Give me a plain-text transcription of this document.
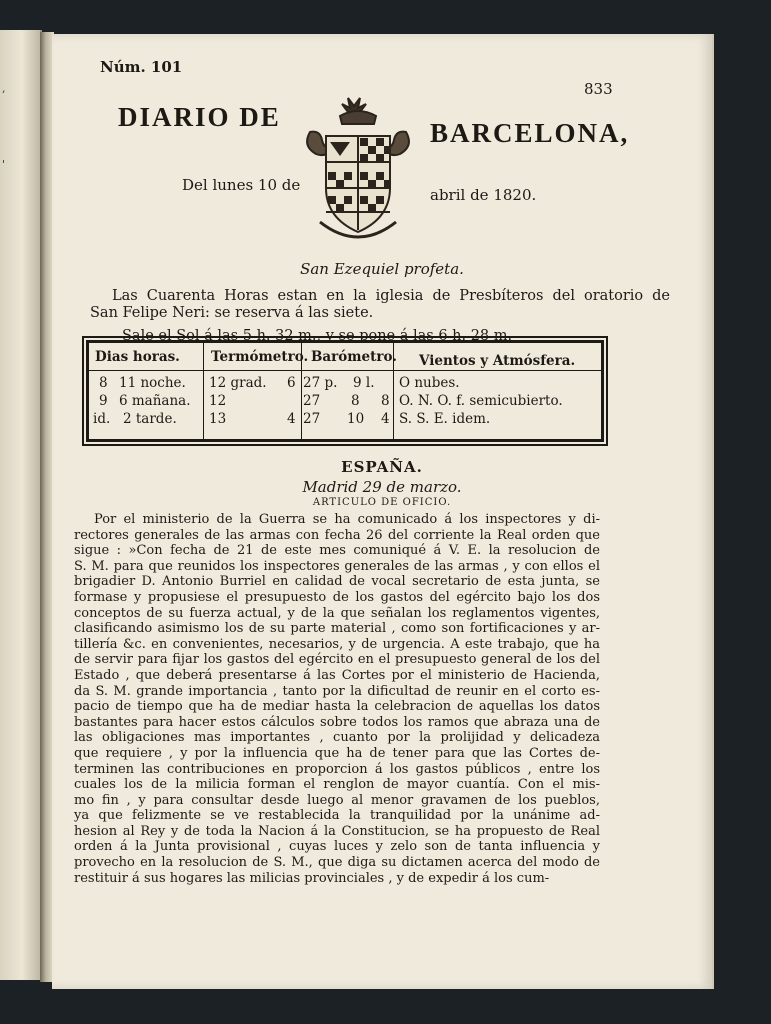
,
'
Núm. 101
833
DIARIO DE
BARCELONA,
Del lunes 10 de
abril de 1820.
San Ezequiel profeta.
Las Cuarenta Horas estan en la iglesia de Presbíteros del oratorio de
San Felipe Neri: se reserva á las siete.
Sale el Sol á las 5 h. 32 m., y se pone á las 6 h. 28 m.
Dias horas. Termómetro. Barómetro. Vientos y Atmósfera.
8 11 noche. 12 grad. 6 27 p. 9 l. O nubes.
9 6 mañana. 12	27 8 8 O. N. O. f. semicubierto.
id. 2 tarde. 13	4 27 10 4 S. S. E. idem.
ESPAÑA.
Madrid 29 de marzo.
ARTICULO DE OFICIO.
Por el ministerio de la Guerra se ha comunicado á los inspectores y di-
rectores generales de las armas con fecha 26 del corriente la Real orden que
sigue : »Con fecha de 21 de este mes comuniqué á V. E. la resolucion de
S. M. para que reunidos los inspectores generales de las armas , y con ellos el
brigadier D. Antonio Burriel en calidad de vocal secretario de esta junta, se
formase y propusiese el presupuesto de los gastos del egército bajo los dos
conceptos de su fuerza actual, y de la que señalan los reglamentos vigentes,
clasificando asimismo los de su parte material , como son fortificaciones y ar-
tillería &c. en convenientes, necesarios, y de urgencia. A este trabajo, que ha
de servir para fijar los gastos del egército en el presupuesto general de los del
Estado , que deberá presentarse á las Cortes por el ministerio de Hacienda,
da S. M. grande importancia , tanto por la dificultad de reunir en el corto es-
pacio de tiempo que ha de mediar hasta la celebracion de aquellas los datos
bastantes para hacer estos cálculos sobre todos los ramos que abraza una de
las obligaciones mas importantes , cuanto por la prolijidad y delicadeza
que requiere , y por la influencia que ha de tener para que las Cortes de-
terminen las contribuciones en proporcion á los gastos públicos , entre los
cuales los de la milicia forman el renglon de mayor cuantía. Con el mis-
mo fin , y para consultar desde luego al menor gravamen de los pueblos,
ya que felizmente se ve restablecida la tranquilidad por la unánime ad-
hesion al Rey y de toda la Nacion á la Constitucion, se ha propuesto de Real
orden á la Junta provisional , cuyas luces y zelo son de tanta influencia y
provecho en la resolucion de S. M., que diga su dictamen acerca del modo de
restituir á sus hogares las milicias provinciales , y de expedir á los cum-
